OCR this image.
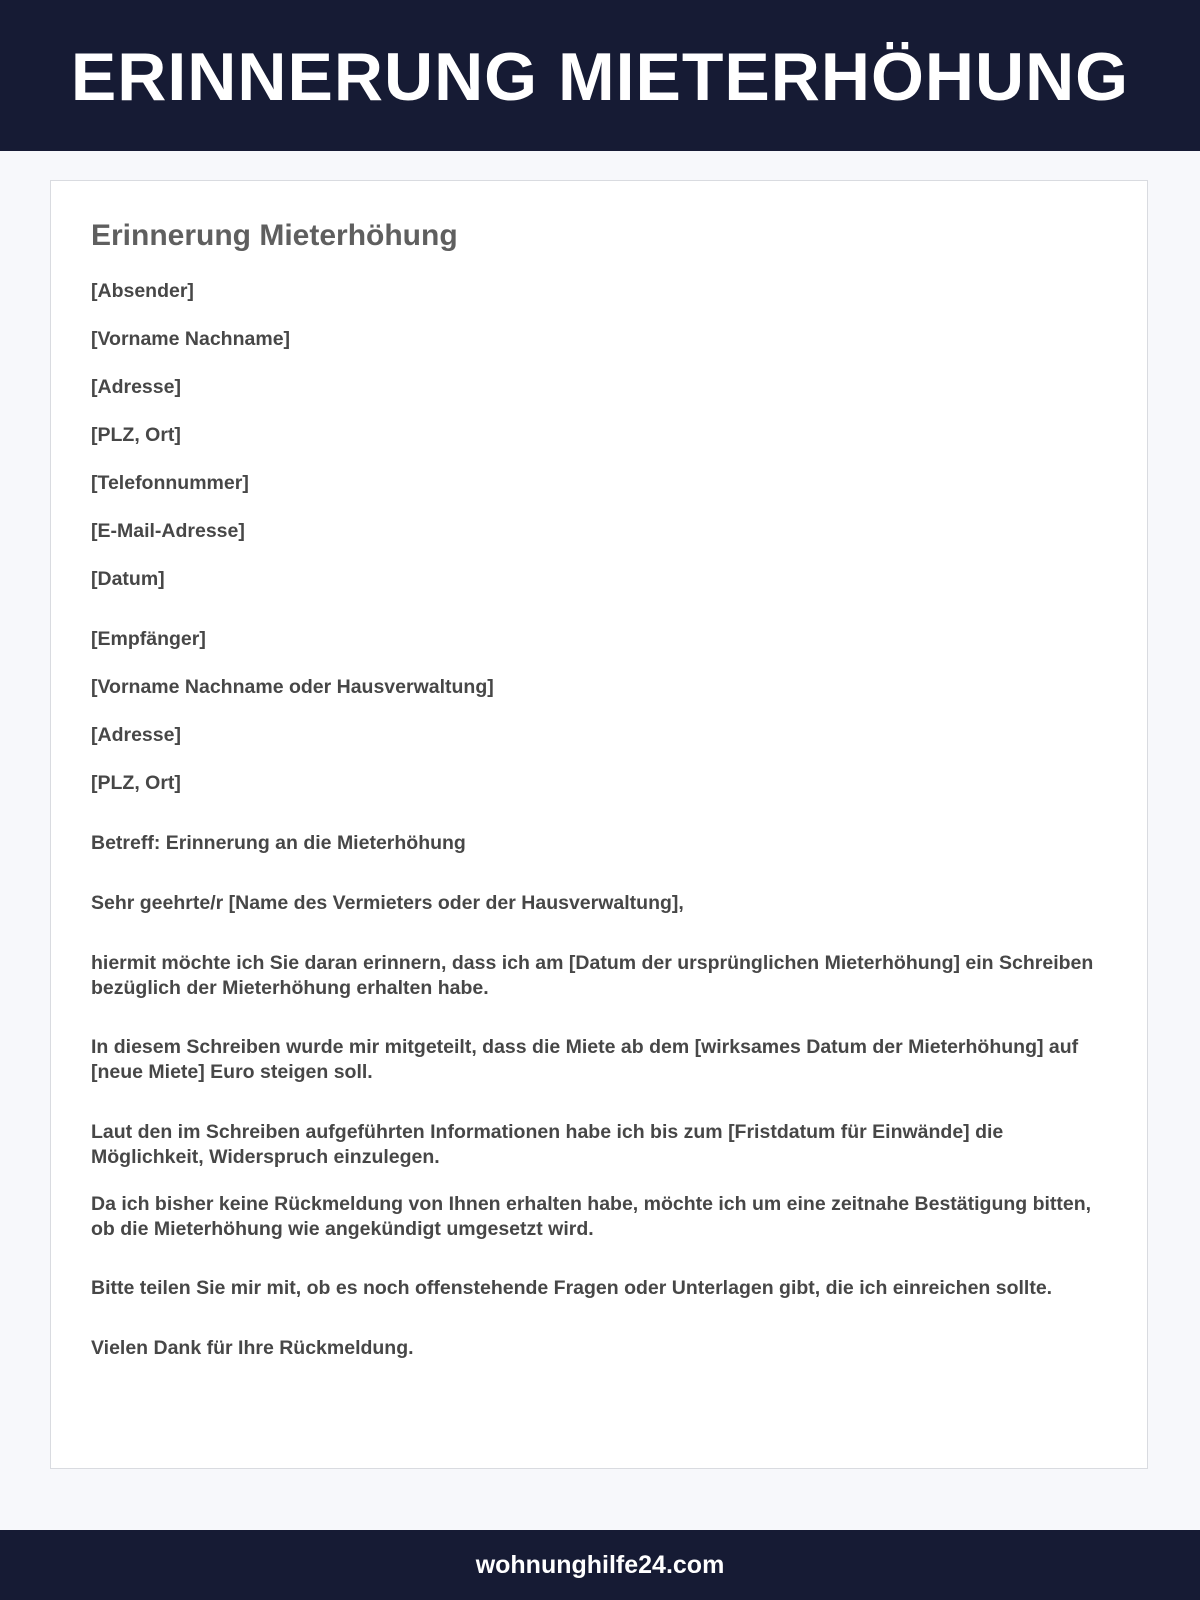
ERINNERUNG MIETERHÖHUNG
Erinnerung Mieterhöhung
[Absender]
[Vorname Nachname]
[Adresse]
[PLZ, Ort]
[Telefonnummer]
[E-Mail-Adresse]
[Datum]
[Empfänger]
[Vorname Nachname oder Hausverwaltung]
[Adresse]
[PLZ, Ort]
Betreff: Erinnerung an die Mieterhöhung
Sehr geehrte/r [Name des Vermieters oder der Hausverwaltung],
hiermit möchte ich Sie daran erinnern, dass ich am [Datum der ursprünglichen Mieterhöhung] ein Schreiben bezüglich der Mieterhöhung erhalten habe.
In diesem Schreiben wurde mir mitgeteilt, dass die Miete ab dem [wirksames Datum der Mieterhöhung] auf [neue Miete] Euro steigen soll.
Laut den im Schreiben aufgeführten Informationen habe ich bis zum [Fristdatum für Einwände] die Möglichkeit, Widerspruch einzulegen.
Da ich bisher keine Rückmeldung von Ihnen erhalten habe, möchte ich um eine zeitnahe Bestätigung bitten, ob die Mieterhöhung wie angekündigt umgesetzt wird.
Bitte teilen Sie mir mit, ob es noch offenstehende Fragen oder Unterlagen gibt, die ich einreichen sollte.
Vielen Dank für Ihre Rückmeldung.
wohnunghilfe24.com
